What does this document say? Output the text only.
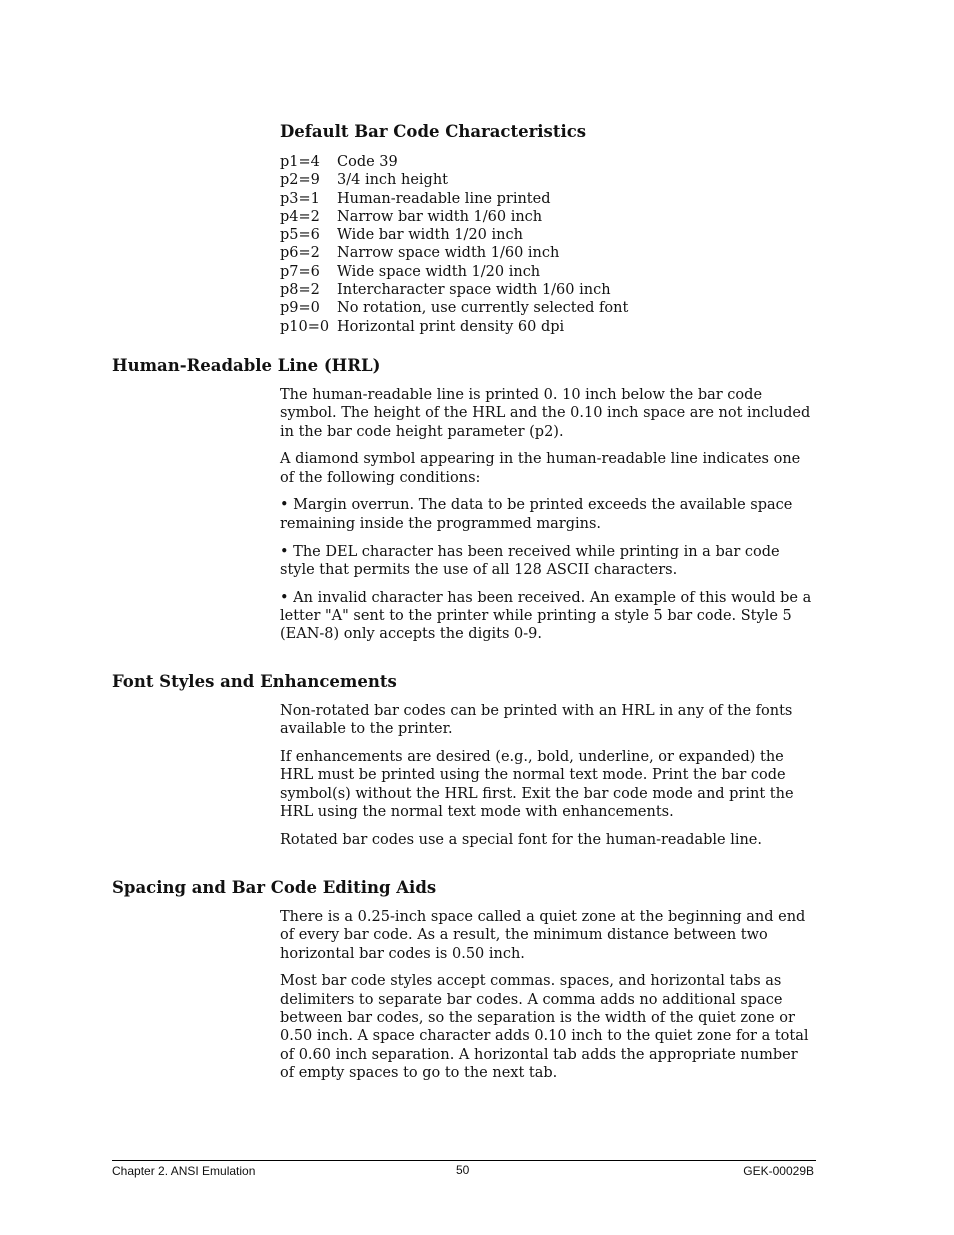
Default Bar Code Characteristics
p1=4	Code 39
p2=9	3/4 inch height
p3=1	Human-readable line printed
p4=2	Narrow bar width 1/60 inch
p5=6	Wide bar width 1/20 inch
p6=2	Narrow space width 1/60 inch
p7=6	Wide space width 1/20 inch
p8=2	Intercharacter space width 1/60 inch
p9=0	No rotation, use currently selected font
p10=0 Horizontal print density 60 dpi
Human-Readable Line (HRL)

The human-readable line is printed 0. 10 inch below the bar code symbol. The height of the HRL and the 0.10 inch space are not included in the bar code height parameter (p2).

A diamond symbol appearing in the human-readable line indicates one of the following conditions:

• Margin overrun. The data to be printed exceeds the available space remaining inside the programmed margins.

• The DEL character has been received while printing in a bar code style that permits the use of all 128 ASCII characters.

• An invalid character has been received. An example of this would be a letter "A" sent to the printer while printing a style 5 bar code. Style 5 (EAN-8) only accepts the digits 0-9.

Font Styles and Enhancements

Non-rotated bar codes can be printed with an HRL in any of the fonts available to the printer.

If enhancements are desired (e.g., bold, underline, or expanded) the HRL must be printed using the normal text mode. Print the bar code symbol(s) without the HRL first. Exit the bar code mode and print the HRL using the normal text mode with enhancements.

Rotated bar codes use a special font for the human-readable line.

Spacing and Bar Code Editing Aids

There is a 0.25-inch space called a quiet zone at the beginning and end of every bar code. As a result, the minimum distance between two horizontal bar codes is 0.50 inch.

Most bar code styles accept commas. spaces, and horizontal tabs as delimiters to separate bar codes. A comma adds no additional space between bar codes, so the separation is the width of the quiet zone or 0.50 inch. A space character adds 0.10 inch to the quiet zone for a total of 0.60 inch separation. A horizontal tab adds the appropriate number of empty spaces to go to the next tab.

Chapter 2. ANSI Emulation	50	GEK-00029B
